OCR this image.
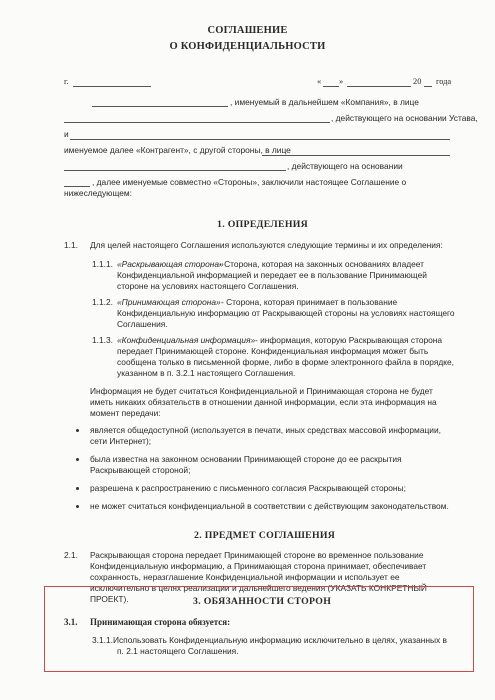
СОГЛАШЕНИЕ
О КОНФИДЕНЦИАЛЬНОСТИ
г.	« »	20 года
, именуемый в дальнейшем «Компания», в лице
, действующего на основании Устава,
и
именуемое далее «Контрагент», с другой стороны, в лице
, действующего на основании
, далее именуемые совместно «Стороны», заключили настоящее Соглашение о
нижеследующем:
1. ОПРЕДЕЛЕНИЯ
1.1. Для целей настоящего Соглашения используются следующие термины и их определения:
1.1.1. «Раскрывающая сторона»
- Сторона, которая на законных основаниях владеет
Конфиденциальной информацией и передает ее в пользование Принимающей
стороне на условиях настоящего Соглашения.
1.1.2. «Принимающая сторона» - Сторона, которая принимает в пользование
Конфиденциальную информацию от Раскрывающей стороны на условиях настоящего
Соглашения.
1.1.3. «Конфиденциальная информация» - информация, которую Раскрывающая сторона
передает Принимающей стороне. Конфиденциальная информация может быть
сообщена только в письменной форме, либо в форме электронного файла в порядке,
указанном в п. 3.2.1 настоящего Соглашения.
Информация не будет считаться Конфиденциальной и Принимающая сторона не будет
иметь никаких обязательств в отношении данной информации, если эта информация на
момент передачи:
является общедоступной (используется в печати, иных средствах массовой информации,
сети Интернет);
была известна на законном основании Принимающей стороне до ее раскрытия
Раскрывающей стороной;
разрешена к распространению с письменного согласия Раскрывающей стороны;
не может считаться конфиденциальной в соответствии с действующим законодательством.
2. ПРЕДМЕТ СОГЛАШЕНИЯ
2.1. Раскрывающая сторона передает Принимающей стороне во временное пользование
Конфиденциальную информацию, а Принимающая сторона принимает, обеспечивает
сохранность, неразглашение Конфиденциальной информации и использует ее
исключительно в целях реализации и дальнейшего ведения (УКАЗАТЬ КОНКРЕТНЫЙ
ПРОЕКТ).	3. ОБЯЗАННОСТИ СТОРОН
3.1. Принимающая сторона обязуется:
3.1.1.Использовать Конфиденциальную информацию исключительно в целях, указанных в
п. 2.1 настоящего Соглашения.
